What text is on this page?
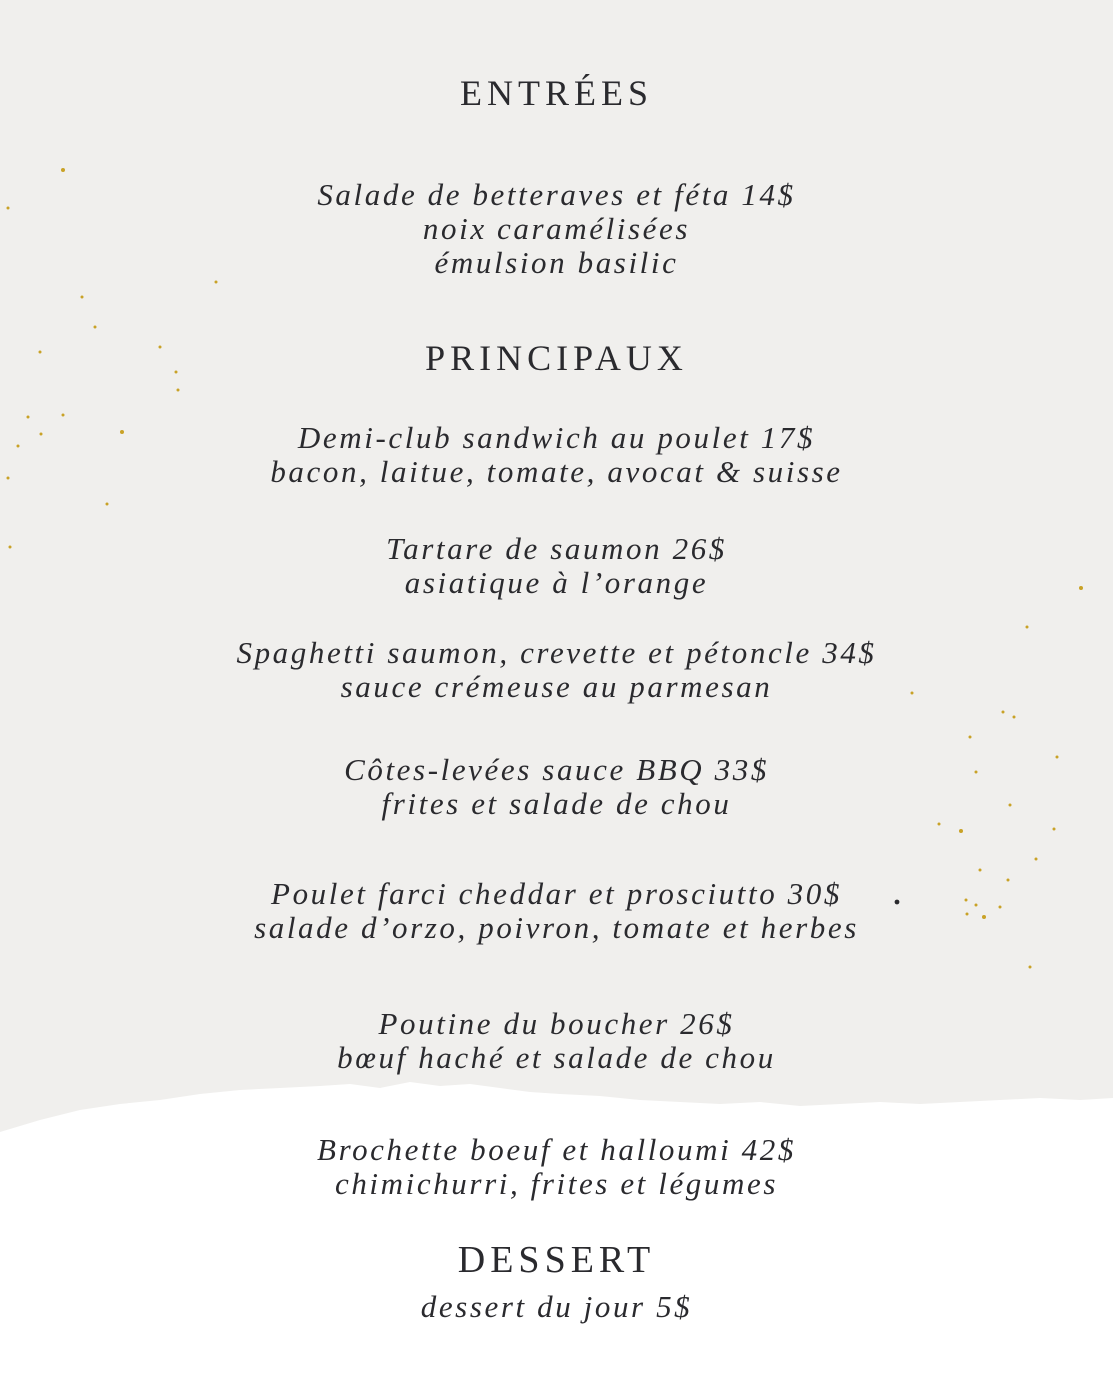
ENTRÉES
Salade de betteraves et féta 14$
noix caramélisées
émulsion basilic
PRINCIPAUX
Demi-club sandwich au poulet 17$
bacon, laitue, tomate, avocat & suisse
Tartare de saumon 26$
asiatique à l’orange
Spaghetti saumon, crevette et pétoncle 34$
sauce crémeuse au parmesan
Côtes-levées sauce BBQ 33$
frites et salade de chou
Poulet farci cheddar et prosciutto 30$
salade d’orzo, poivron, tomate et herbes
Poutine du boucher 26$
bœuf haché et salade de chou
Brochette boeuf et halloumi 42$
chimichurri, frites et légumes
DESSERT
dessert du jour 5$
